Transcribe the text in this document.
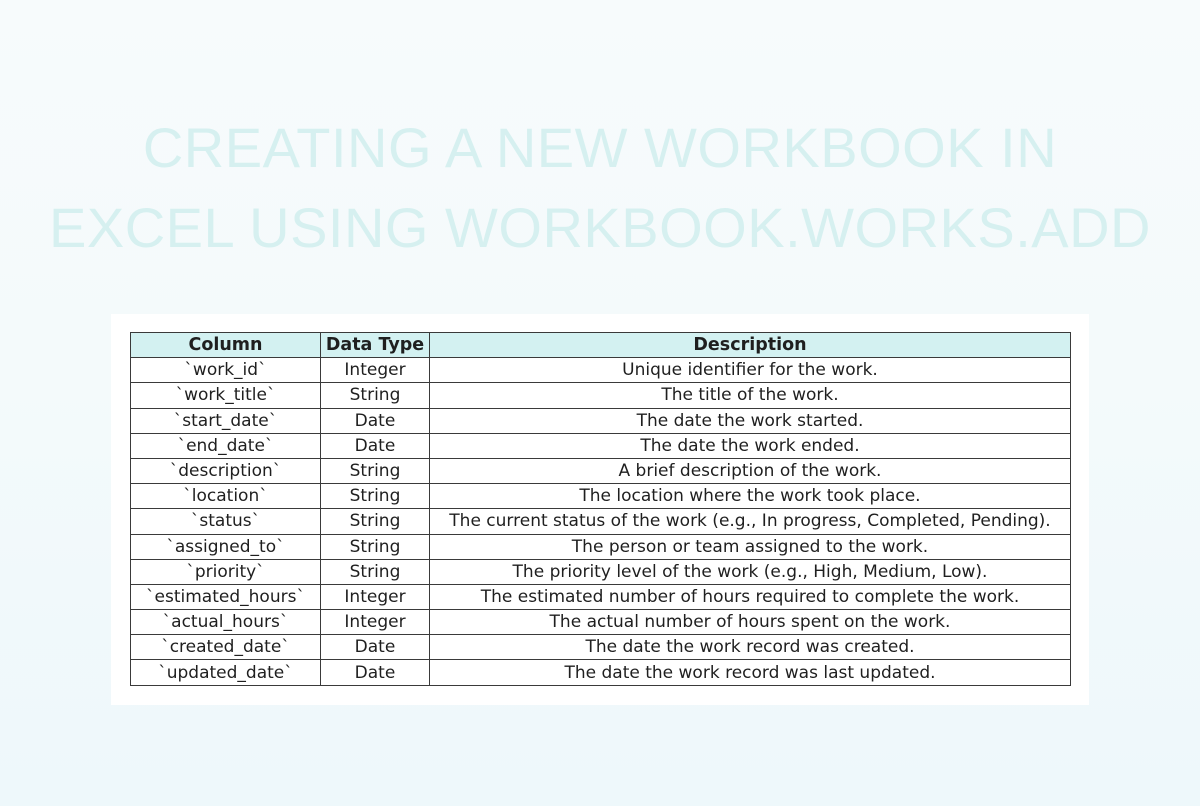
CREATING A NEW WORKBOOK IN
EXCEL USING WORKBOOK.WORKS.ADD
Column	Data Type	Description
`work_id`	Integer	Unique identifier for the work.
`work_title`	String	The title of the work.
`start_date`	Date	The date the work started.
`end_date`	Date	The date the work ended.
`description`	String	A brief description of the work.
`location`	String	The location where the work took place.
`status`	String	The current status of the work (e.g., In progress, Completed, Pending).
`assigned_to`	String	The person or team assigned to the work.
`priority`	String	The priority level of the work (e.g., High, Medium, Low).
`estimated_hours`	Integer	The estimated number of hours required to complete the work.
`actual_hours`	Integer	The actual number of hours spent on the work.
`created_date`	Date	The date the work record was created.
`updated_date`	Date	The date the work record was last updated.
